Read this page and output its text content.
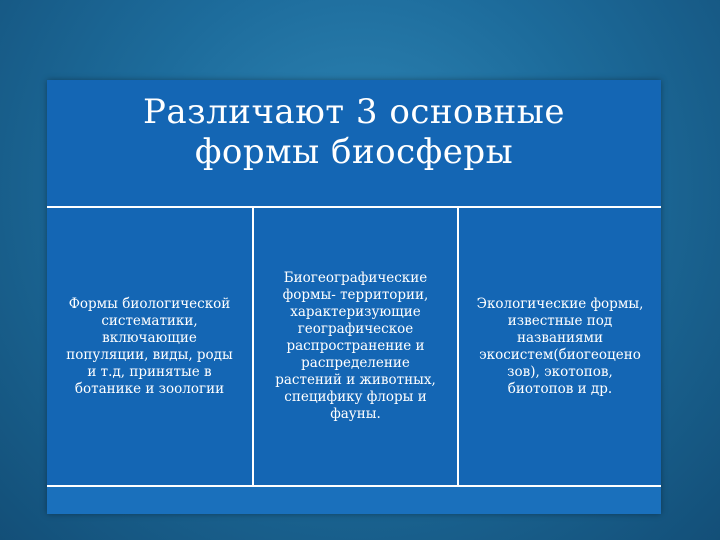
Различают 3 основные
формы биосферы
Формы биологической
систематики,
включающие
популяции, виды, роды
и т.д, принятые в
ботанике и зоологии
Биогеографические
формы- территории,
характеризующие
географическое
распространение и
распределение
растений и животных,
специфику флоры и
фауны.
Экологические формы,
известные под
названиями
экосистем(биогеоцено
зов), экотопов,
биотопов и др.
